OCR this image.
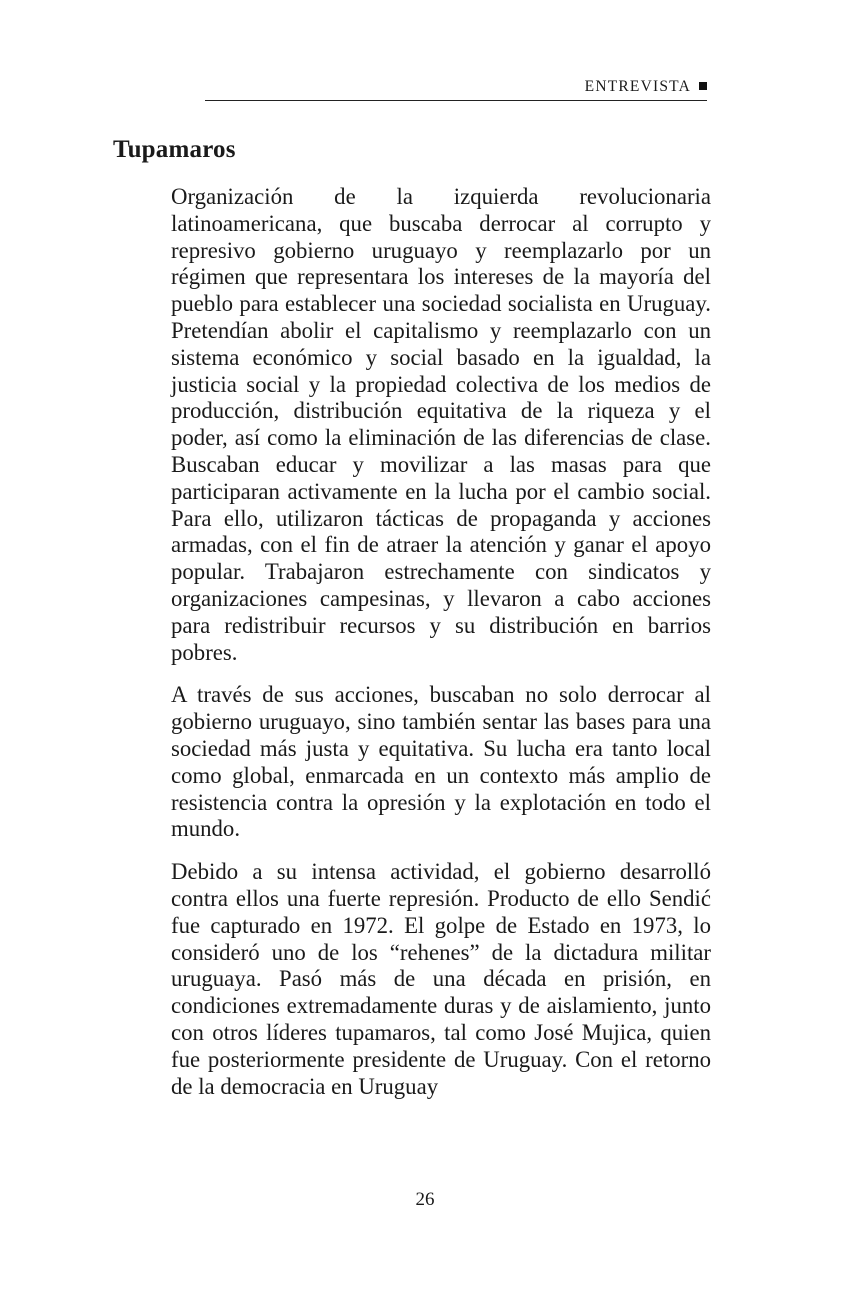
ENTREVISTA
Tupamaros

Organización de la izquierda revolucionaria latinoamericana, que buscaba derrocar al corrupto y represivo gobierno uruguayo y reemplazarlo por un régimen que representara los intereses de la mayoría del pueblo para establecer una sociedad socialista en Uruguay. Pretendían abolir el capitalismo y reemplazarlo con un sistema económico y social basado en la igualdad, la justicia social y la propiedad colectiva de los medios de producción, distribución equitativa de la riqueza y el poder, así como la eliminación de las diferencias de clase. Buscaban educar y movilizar a las masas para que participaran activamente en la lucha por el cambio social. Para ello, utilizaron tácticas de propaganda y acciones armadas, con el fin de atraer la atención y ganar el apoyo popular. Trabajaron estrechamente con sindicatos y organizaciones campesinas, y llevaron a cabo acciones para redistribuir recursos y su distribución en barrios pobres.

A través de sus acciones, buscaban no solo derrocar al gobierno uruguayo, sino también sentar las bases para una sociedad más justa y equitativa. Su lucha era tanto local como global, enmarcada en un contexto más amplio de resistencia contra la opresión y la explotación en todo el mundo.

Debido a su intensa actividad, el gobierno desarrolló contra ellos una fuerte represión. Producto de ello Sendić fue capturado en 1972. El golpe de Estado en 1973, lo consideró uno de los “rehenes” de la dictadura militar uruguaya. Pasó más de una década en prisión, en condiciones extremadamente duras y de aislamiento, junto con otros líderes tupamaros, tal como José Mujica, quien fue posteriormente presidente de Uruguay. Con el retorno de la democracia en Uruguay

26
